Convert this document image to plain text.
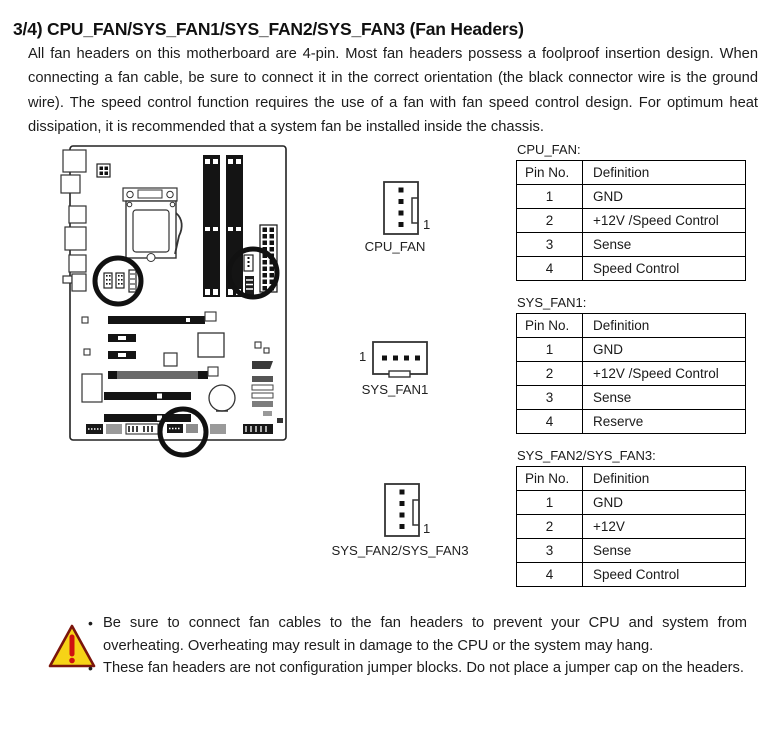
3/4) CPU_FAN/SYS_FAN1/SYS_FAN2/SYS_FAN3 (Fan Headers)

All fan headers on this motherboard are 4-pin. Most fan headers possess a foolproof insertion design. When connecting a fan cable, be sure to connect it in the correct orientation (the black connector wire is the ground wire). The speed control function requires the use of a fan with fan speed control design. For optimum heat dissipation, it is recommended that a system fan be installed inside the chassis.

1
CPU_FAN
1
SYS_FAN1
1
SYS_FAN2/SYS_FAN3
CPU_FAN:
Pin No.	Definition
1	GND
2	+12V /Speed Control
3	Sense
4	Speed Control
SYS_FAN1:
Pin No.	Definition
1	GND
2	+12V /Speed Control
3	Sense
4	Reserve
SYS_FAN2/SYS_FAN3:
Pin No.	Definition
1	GND
2	+12V
3	Sense
4	Speed Control
• Be sure to connect fan cables to the fan headers to prevent your CPU and system from overheating. Overheating may result in damage to the CPU or the system may hang.
• These fan headers are not configuration jumper blocks. Do not place a jumper cap on the headers.
